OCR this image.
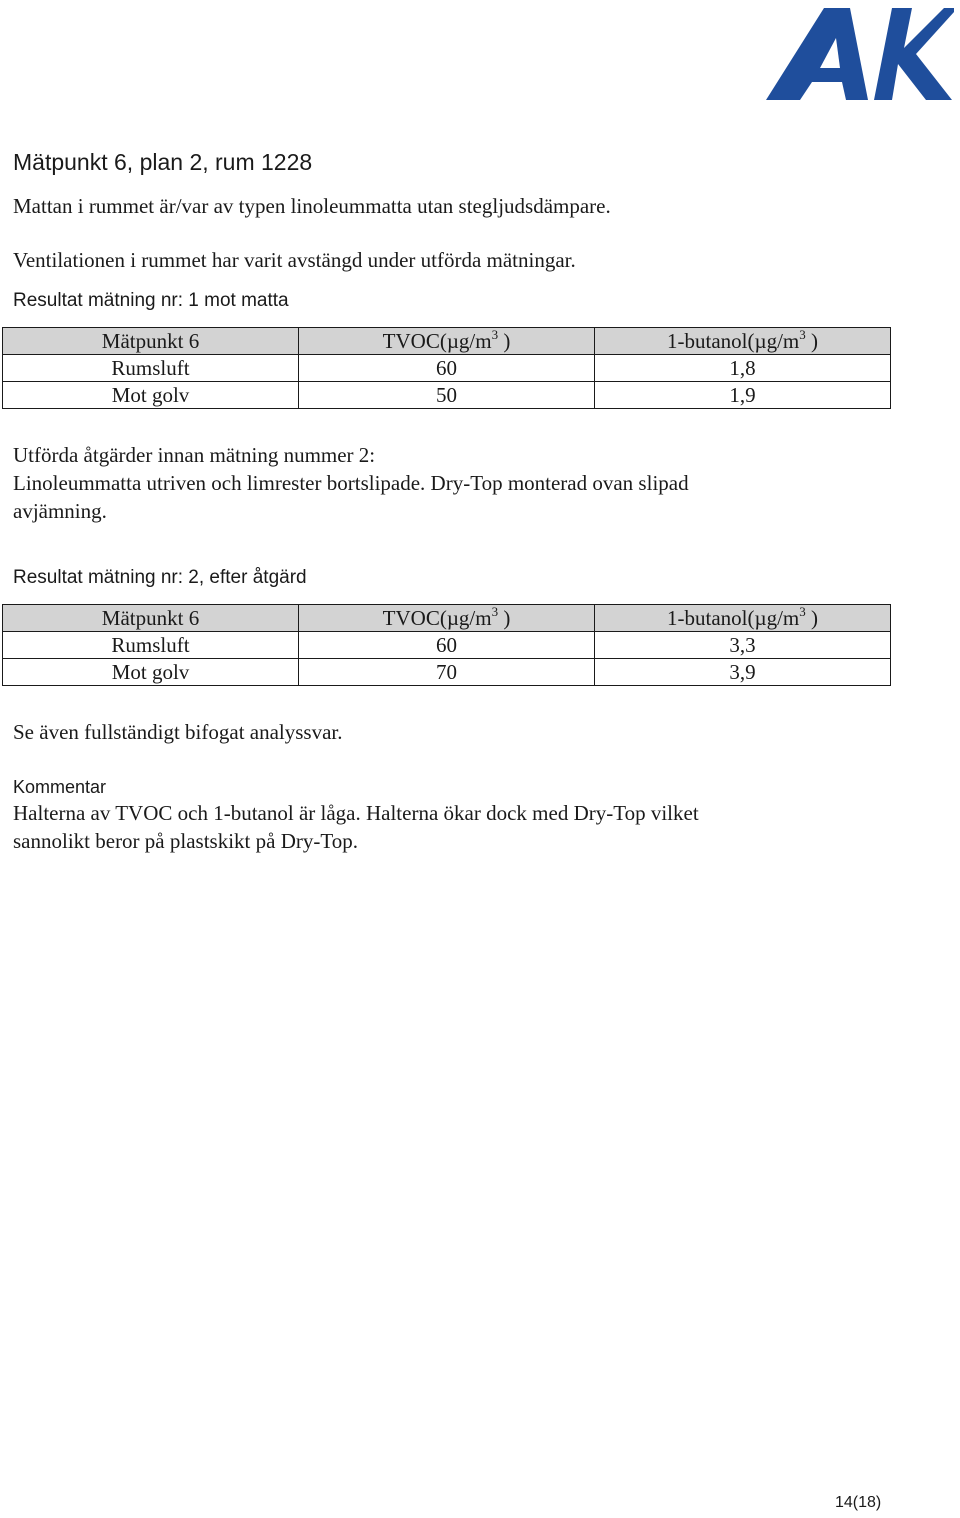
Mätpunkt 6, plan 2, rum 1228
Mattan i rummet är/var av typen linoleummatta utan stegljudsdämpare.
Ventilationen i rummet har varit avstängd under utförda mätningar.
Resultat mätning nr: 1 mot matta
Mätpunkt 6	$TVOC(\mu g/m^3$ )	$1-butanol(\mu g/m^3$ )
Rumsluft	60	1,8
Mot golv	50	1,9
Utförda åtgärder innan mätning nummer 2:
Linoleummatta utriven och limrester bortslipade. Dry-Top monterad ovan slipad
avjämning.
Resultat mätning nr: 2, efter åtgärd
Mätpunkt 6	$TVOC(\mu g/m^3$ )	$1-butanol(\mu g/m^3$ )
Rumsluft	60	3,3
Mot golv	70	3,9
Se även fullständigt bifogat analyssvar.
Kommentar
Halterna av TVOC och 1-butanol är låga. Halterna ökar dock med Dry-Top vilket
sannolikt beror på plastskikt på Dry-Top.
14(18)
